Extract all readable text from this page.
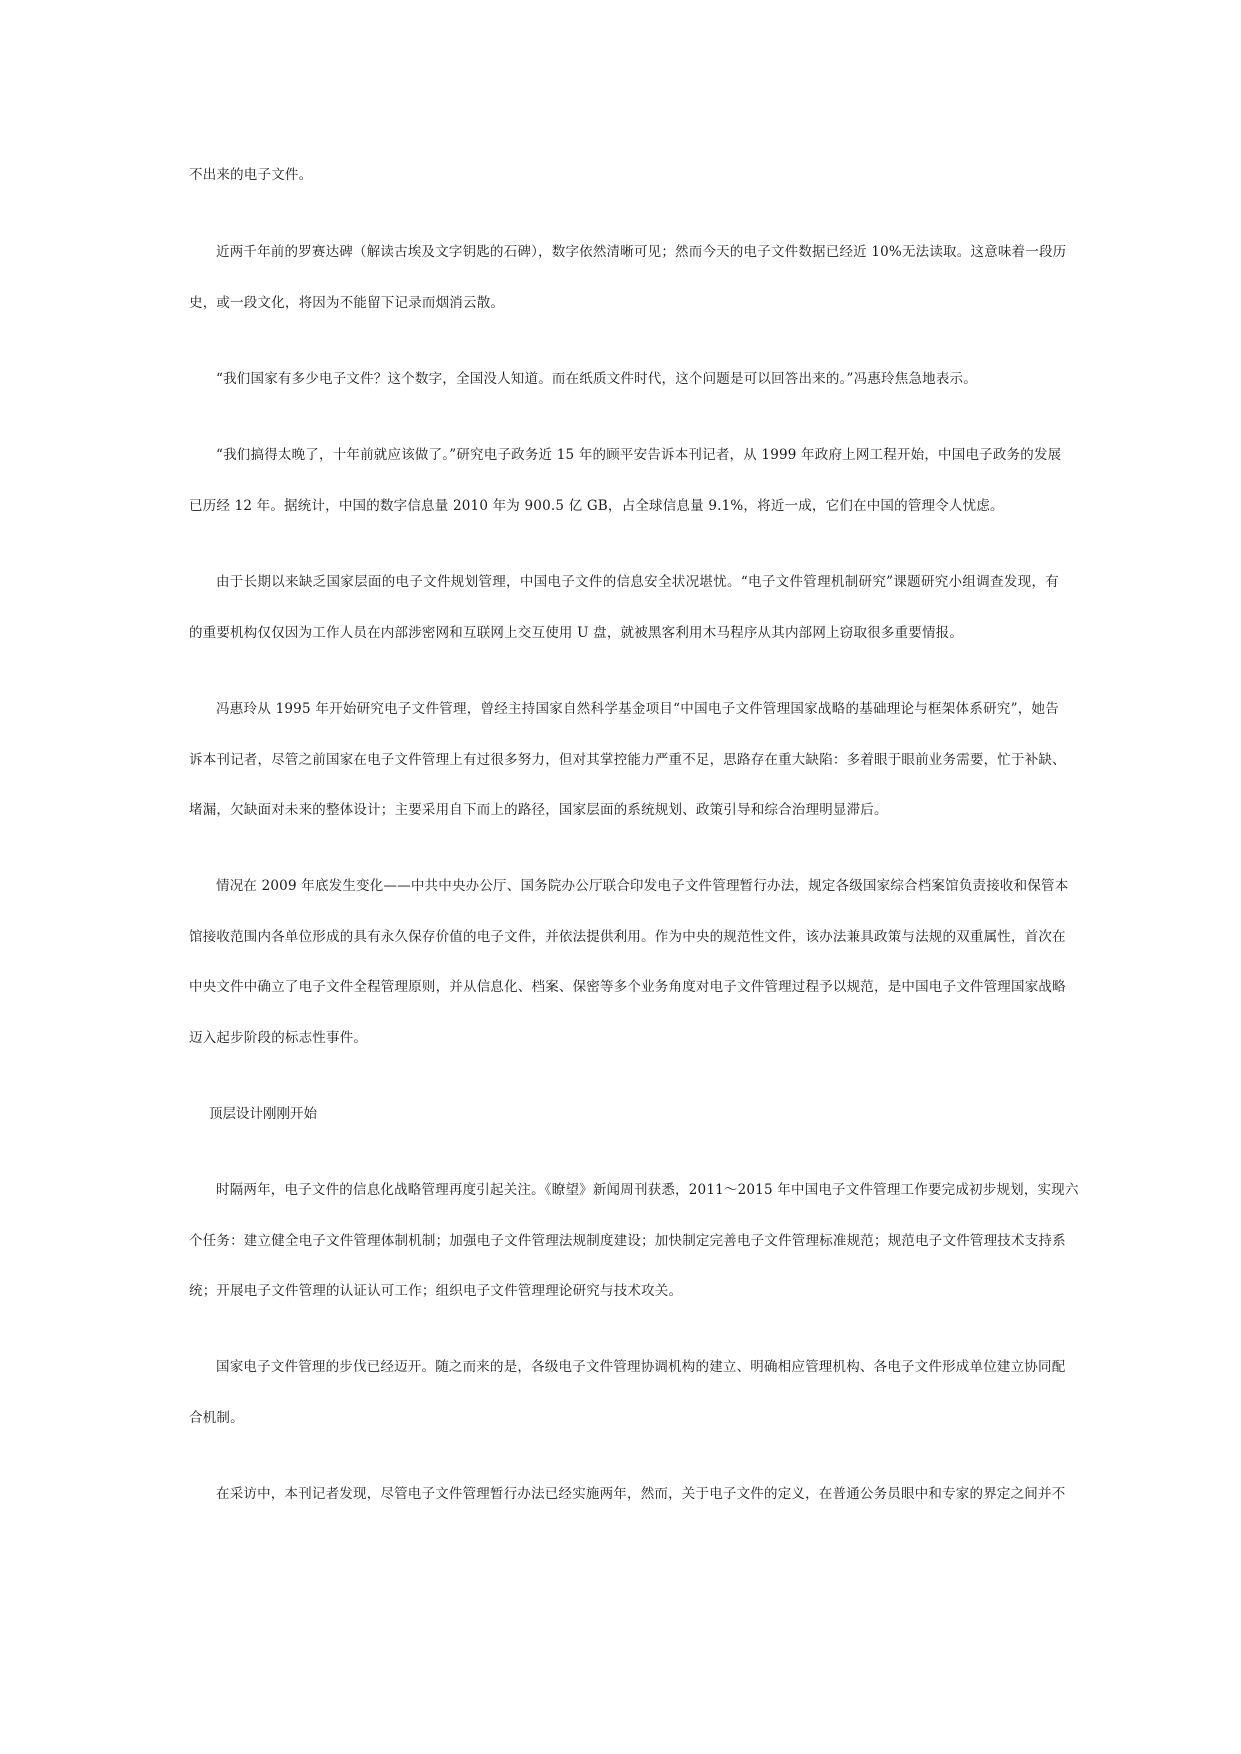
不出来的电子文件。
近两千年前的罗赛达碑（解读古埃及文字钥匙的石碑），数字依然清晰可见；然而今天的电子文件数据已经近 10%无法读取。这意味着一段历
史，或一段文化，将因为不能留下记录而烟消云散。
“我们国家有多少电子文件？这个数字，全国没人知道。而在纸质文件时代，这个问题是可以回答出来的。”冯惠玲焦急地表示。
“我们搞得太晚了，十年前就应该做了。”研究电子政务近 15 年的顾平安告诉本刊记者，从 1999 年政府上网工程开始，中国电子政务的发展
已历经 12 年。据统计，中国的数字信息量 2010 年为 900.5 亿 GB，占全球信息量 9.1%，将近一成，它们在中国的管理令人忧虑。
由于长期以来缺乏国家层面的电子文件规划管理，中国电子文件的信息安全状况堪忧。“电子文件管理机制研究”课题研究小组调查发现，有
的重要机构仅仅因为工作人员在内部涉密网和互联网上交互使用 U 盘，就被黑客利用木马程序从其内部网上窃取很多重要情报。
冯惠玲从 1995 年开始研究电子文件管理，曾经主持国家自然科学基金项目“中国电子文件管理国家战略的基础理论与框架体系研究”，她告
诉本刊记者，尽管之前国家在电子文件管理上有过很多努力，但对其掌控能力严重不足，思路存在重大缺陷：多着眼于眼前业务需要，忙于补缺、
堵漏，欠缺面对未来的整体设计；主要采用自下而上的路径，国家层面的系统规划、政策引导和综合治理明显滞后。
情况在 2009 年底发生变化——中共中央办公厅、国务院办公厅联合印发电子文件管理暂行办法，规定各级国家综合档案馆负责接收和保管本
馆接收范围内各单位形成的具有永久保存价值的电子文件，并依法提供利用。作为中央的规范性文件，该办法兼具政策与法规的双重属性，首次在
中央文件中确立了电子文件全程管理原则，并从信息化、档案、保密等多个业务角度对电子文件管理过程予以规范，是中国电子文件管理国家战略
迈入起步阶段的标志性事件。
顶层设计刚刚开始
时隔两年，电子文件的信息化战略管理再度引起关注。《瞭望》新闻周刊获悉，2011～2015 年中国电子文件管理工作要完成初步规划，实现六
个任务：建立健全电子文件管理体制机制；加强电子文件管理法规制度建设；加快制定完善电子文件管理标准规范；规范电子文件管理技术支持系
统；开展电子文件管理的认证认可工作；组织电子文件管理理论研究与技术攻关。
国家电子文件管理的步伐已经迈开。随之而来的是，各级电子文件管理协调机构的建立、明确相应管理机构、各电子文件形成单位建立协同配
合机制。
在采访中，本刊记者发现，尽管电子文件管理暂行办法已经实施两年，然而，关于电子文件的定义，在普通公务员眼中和专家的界定之间并不
